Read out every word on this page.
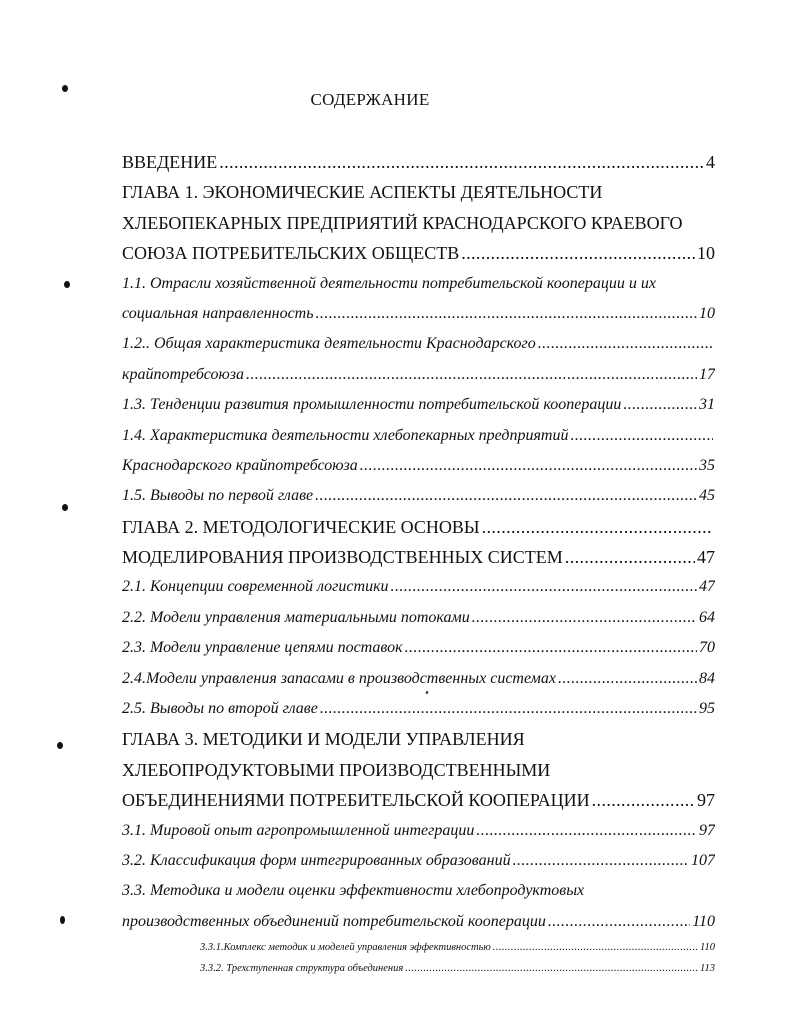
СОДЕРЖАНИЕ
ВВЕДЕНИЕ .....	4
ГЛАВА 1. ЭКОНОМИЧЕСКИЕ АСПЕКТЫ ДЕЯТЕЛЬНОСТИ
ХЛЕБОПЕКАРНЫХ ПРЕДПРИЯТИЙ КРАСНОДАРСКОГО КРАЕВОГО
СОЮЗА ПОТРЕБИТЕЛЬСКИХ ОБЩЕСТВ .....	10
1.1. Отрасли хозяйственной деятельности потребительской кооперации и их
социальная направленность .....	10
1.2.. Общая характеристика деятельности Краснодарского
.....
крайпотребсоюза .....	17
1.3. Тенденции развития промышленности потребительской кооперации .....	31
1.4. Характеристика деятельности хлебопекарных предприятий
.....
Краснодарского крайпотребсоюза .....	35
1.5. Выводы по первой главе .....	45
ГЛАВА 2. МЕТОДОЛОГИЧЕСКИЕ ОСНОВЫ
.....
МОДЕЛИРОВАНИЯ ПРОИЗВОДСТВЕННЫХ СИСТЕМ .....	47
2.1. Концепции современной логистики .....	47
2.2. Модели управления материальными потоками .....	64
2.3. Модели управление цепями поставок .....	70
2.4.Модели управления запасами в производственных системах .....	84
2.5. Выводы по второй главе .....	95
ГЛАВА 3. МЕТОДИКИ И МОДЕЛИ УПРАВЛЕНИЯ
ХЛЕБОПРОДУКТОВЫМИ ПРОИЗВОДСТВЕННЫМИ
ОБЪЕДИНЕНИЯМИ ПОТРЕБИТЕЛЬСКОЙ КООПЕРАЦИИ .....	97
3.1. Мировой опыт агропромышленной интеграции .....	97
3.2. Классификация форм интегрированных образований .....	107
3.3. Методика и модели оценки эффективности хлебопродуктовых
производственных объединений потребительской кооперации .....	110
3.3.1.Комплекс методик и моделей управления эффективностью .....	110
3.3.2. Трехступенная структура объединения .....	113
